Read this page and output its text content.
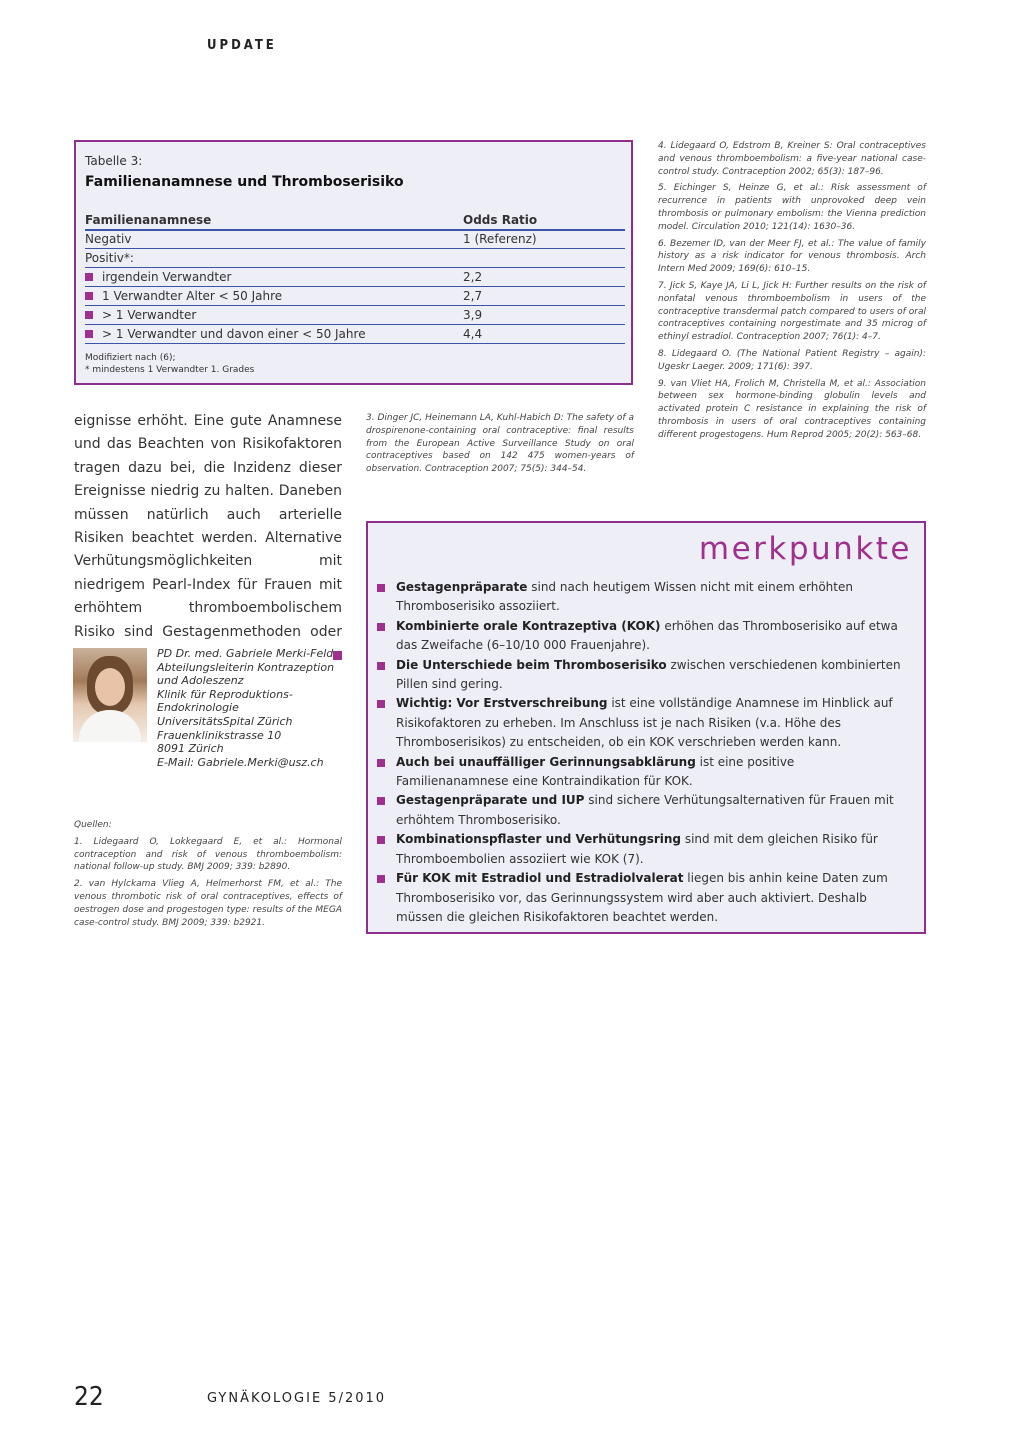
UPDATE
Tabelle 3:
Familienanamnese und Thromboserisiko
Familienanamnese	Odds Ratio
Negativ	1 (Referenz)
Positiv*:
irgendein Verwandter	2,2
1 Verwandter Alter < 50 Jahre	2,7
> 1 Verwandter	3,9
> 1 Verwandter und davon einer < 50 Jahre	4,4
Modifiziert nach (6);
* mindestens 1 Verwandter 1. Grades
eignisse erhöht. Eine gute Anamnese und das Beachten von Risikofaktoren tragen dazu bei, die Inzidenz dieser Ereignisse niedrig zu halten. Daneben müssen natürlich auch arterielle Risiken beachtet werden. Alternative Verhütungsmöglichkeiten mit niedrigem Pearl-Index für Frauen mit erhöhtem thromboembolischem Risiko sind Gestagenmethoden oder
PD Dr. med. Gabriele Merki-Feld
Abteilungsleiterin Kontrazeption und Adoleszenz
Klinik für Reproduktions-Endokrinologie
UniversitätsSpital Zürich
Frauenklinikstrasse 10
8091 Zürich
E-Mail: Gabriele.Merki@usz.ch

Quellen:

1. Lidegaard O, Lokkegaard E, et al.: Hormonal contraception and risk of venous thromboembolism: national follow-up study. BMJ 2009; 339: b2890.

2. van Hylckama Vlieg A, Helmerhorst FM, et al.: The venous thrombotic risk of oral contraceptives, effects of oestrogen dose and progestogen type: results of the MEGA case-control study. BMJ 2009; 339: b2921.

3. Dinger JC, Heinemann LA, Kuhl-Habich D: The safety of a drospirenone-containing oral contraceptive: final results from the European Active Surveillance Study on oral contraceptives based on 142 475 women-years of observation. Contraception 2007; 75(5): 344–54.

4. Lidegaard O, Edstrom B, Kreiner S: Oral contraceptives and venous thromboembolism: a five-year national case-control study. Contraception 2002; 65(3): 187–96.

5. Eichinger S, Heinze G, et al.: Risk assessment of recurrence in patients with unprovoked deep vein thrombosis or pulmonary embolism: the Vienna prediction model. Circulation 2010; 121(14): 1630–36.

6. Bezemer ID, van der Meer FJ, et al.: The value of family history as a risk indicator for venous thrombosis. Arch Intern Med 2009; 169(6): 610–15.

7. Jick S, Kaye JA, Li L, Jick H: Further results on the risk of nonfatal venous thromboembolism in users of the contraceptive transdermal patch compared to users of oral contraceptives containing norgestimate and 35 microg of ethinyl estradiol. Contraception 2007; 76(1): 4–7.

8. Lidegaard O. (The National Patient Registry – again): Ugeskr Laeger. 2009; 171(6): 397.

9. van Vliet HA, Frolich M, Christella M, et al.: Association between sex hormone-binding globulin levels and activated protein C resistance in explaining the risk of thrombosis in users of oral contraceptives containing different progestogens. Hum Reprod 2005; 20(2): 563–68.

merkpunkte
Gestagenpräparate sind nach heutigem Wissen nicht mit einem erhöhten Thromboserisiko assoziiert.
Kombinierte orale Kontrazeptiva (KOK) erhöhen das Thromboserisiko auf etwa das Zweifache (6–10/10 000 Frauenjahre).
Die Unterschiede beim Thromboserisiko zwischen verschiedenen kombinierten Pillen sind gering.
Wichtig: Vor Erstverschreibung ist eine vollständige Anamnese im Hinblick auf Risikofaktoren zu erheben. Im Anschluss ist je nach Risiken (v.a. Höhe des Thromboserisikos) zu entscheiden, ob ein KOK verschrieben werden kann.
Auch bei unauffälliger Gerinnungsabklärung ist eine positive Familienanamnese eine Kontraindikation für KOK.
Gestagenpräparate und IUP sind sichere Verhütungsalternativen für Frauen mit erhöhtem Thromboserisiko.
Kombinationspflaster und Verhütungsring sind mit dem gleichen Risiko für Thromboembolien assoziiert wie KOK (7).
Für KOK mit Estradiol und Estradiolvalerat liegen bis anhin keine Daten zum Thromboserisiko vor, das Gerinnungssystem wird aber auch aktiviert. Deshalb müssen die gleichen Risikofaktoren beachtet werden.
22	GYNÄKOLOGIE 5/2010
